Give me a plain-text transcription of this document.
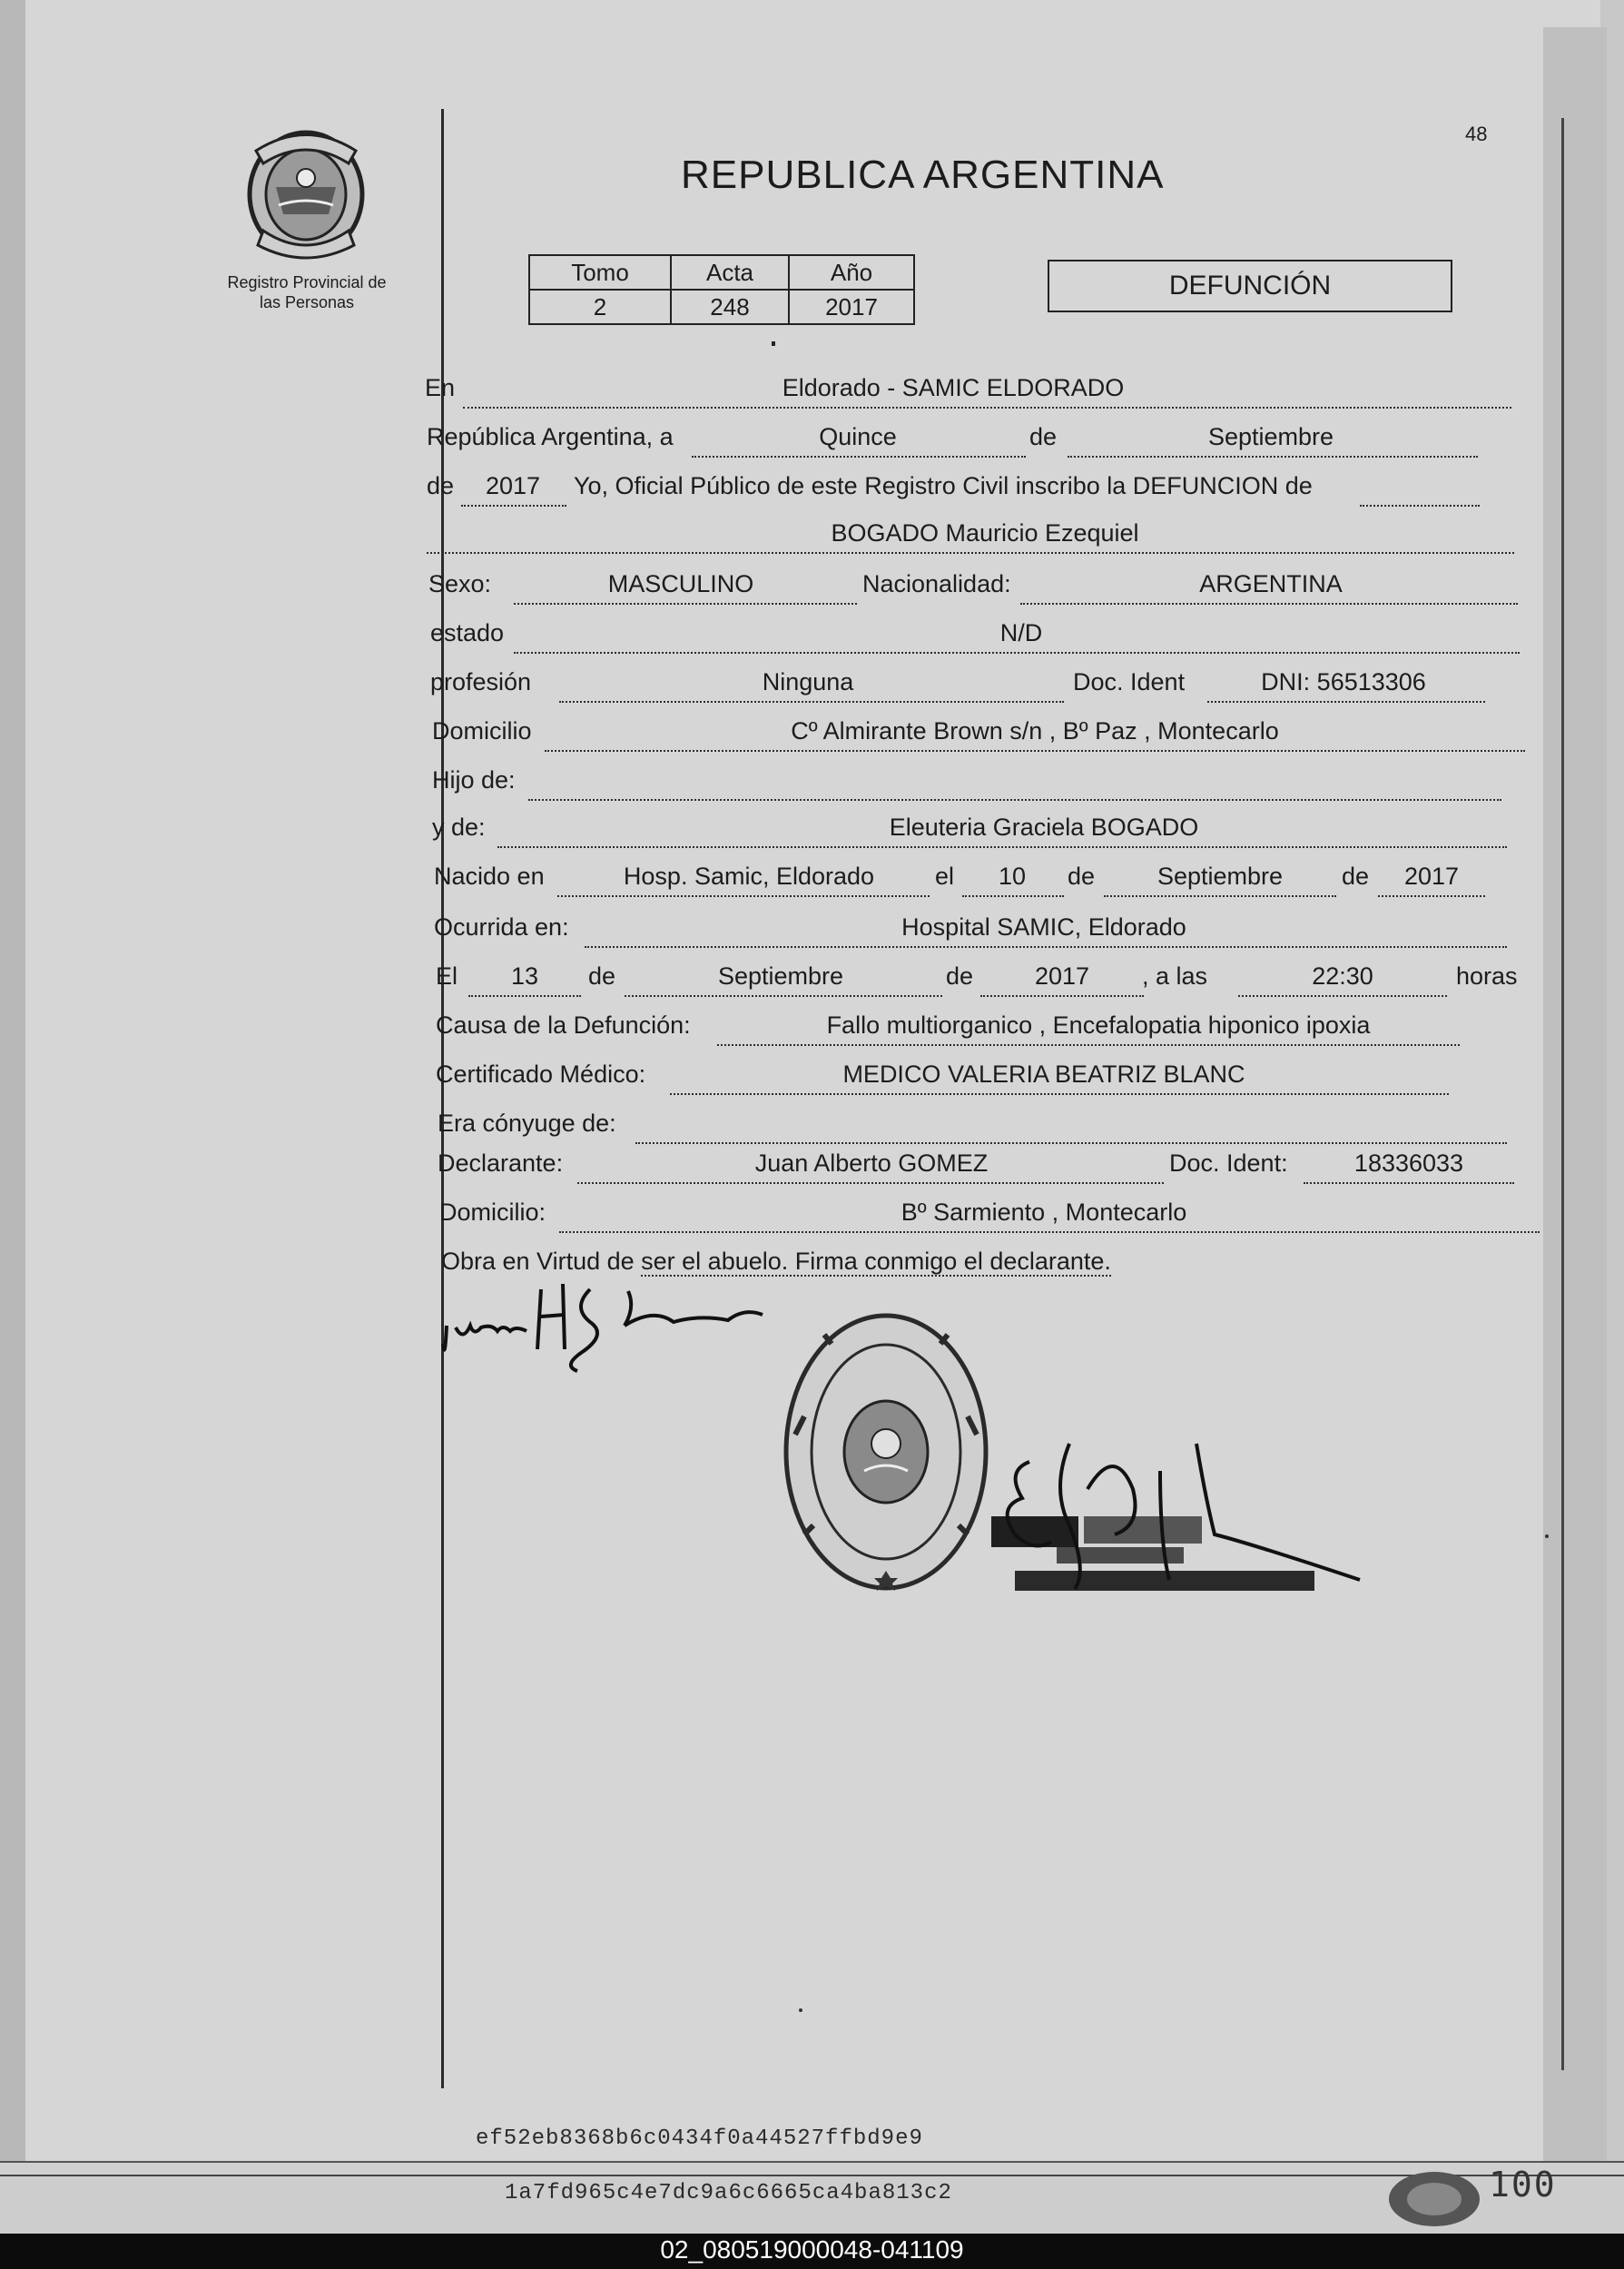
48
Registro Provincial de
las Personas
REPUBLICA ARGENTINA
Tomo	Acta	Año
2	248	2017
DEFUNCIÓN
En	Eldorado - SAMIC ELDORADO
República Argentina, a	Quince	de	Septiembre
de	2017	Yo, Oficial Público de este Registro Civil inscribo la DEFUNCION de
BOGADO Mauricio Ezequiel
Sexo:	MASCULINO	Nacionalidad:	ARGENTINA
estado	N/D
profesión	Ninguna	Doc. Ident	DNI: 56513306
Domicilio	Cº Almirante Brown s/n , Bº Paz , Montecarlo
Hijo de:
y de:	Eleuteria Graciela BOGADO
Nacido en	Hosp. Samic, Eldorado	el	10	de	Septiembre	de	2017
Ocurrida en:	Hospital SAMIC, Eldorado
El	13	de	Septiembre	de	2017	, a las	22:30	horas
Causa de la Defunción:	Fallo multiorganico , Encefalopatia hiponico ipoxia
Certificado Médico:	MEDICO VALERIA BEATRIZ BLANC
Era cónyuge de:
Declarante:	Juan Alberto GOMEZ	Doc. Ident:	18336033
Domicilio:	Bº Sarmiento , Montecarlo
Obra en Virtud de ser el abuelo. Firma conmigo el declarante.
ef52eb8368b6c0434f0a44527ffbd9e9
1a7fd965c4e7dc9a6c6665ca4ba813c2	100
02_080519000048-041109
